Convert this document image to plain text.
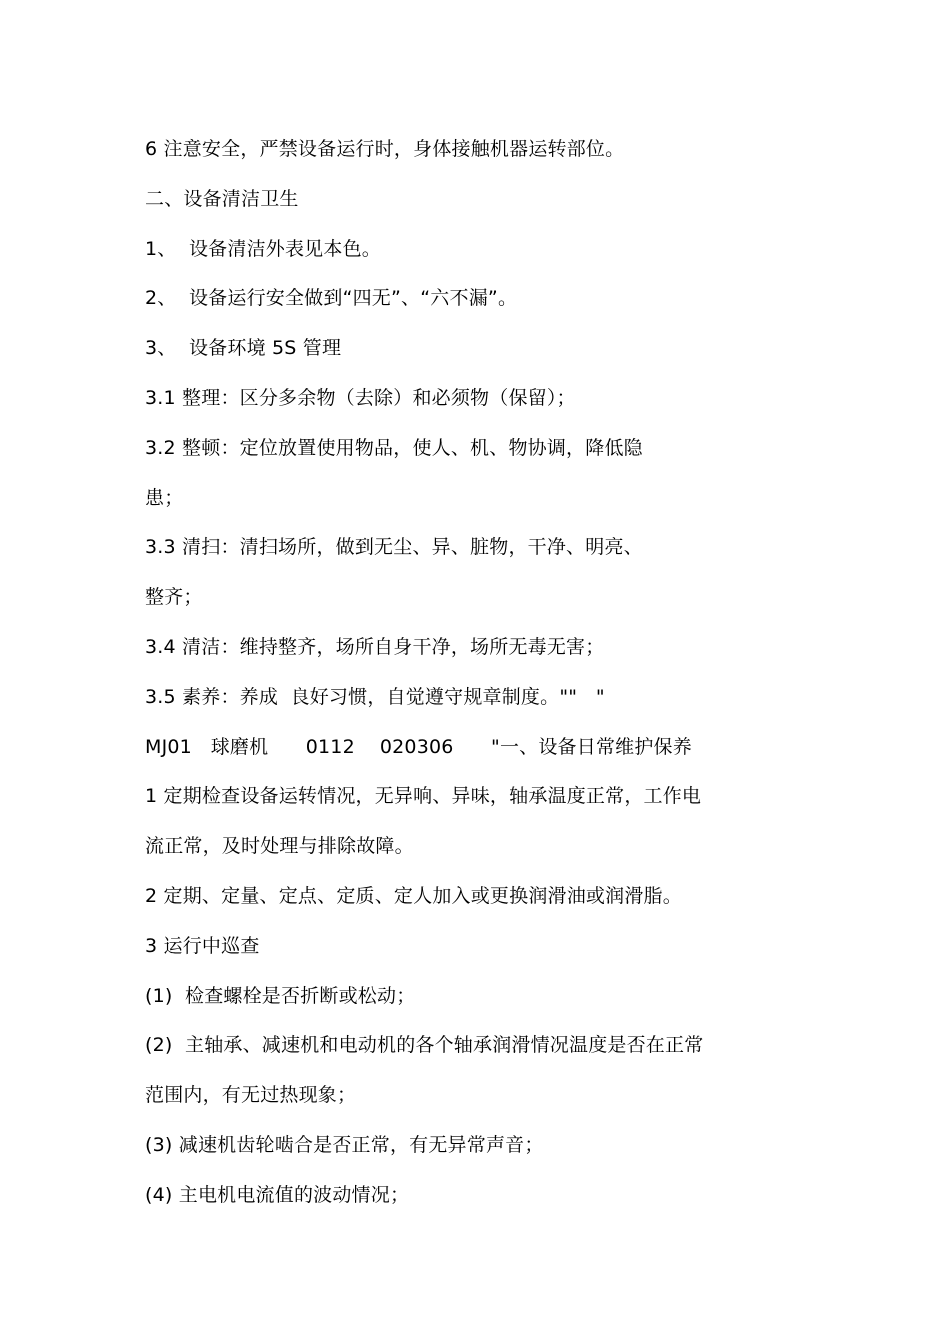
6 注意安全，严禁设备运行时，身体接触机器运转部位。
二、设备清洁卫生
1、  设备清洁外表见本色。
2、  设备运行安全做到“四无”、“六不漏”。
3、  设备环境 5S 管理
3.1 整理：区分多余物（去除）和必须物（保留）；
3.2 整顿：定位放置使用物品，使人、机、物协调，降低隐
患；
3.3 清扫：清扫场所，做到无尘、异、脏物，干净、明亮、
整齐；
3.4 清洁：维持整齐，场所自身干净，场所无毒无害；
3.5 素养：养成  良好习惯，自觉遵守规章制度。""   "
MJ01   球磨机      0112    020306      "一、设备日常维护保养
1 定期检查设备运转情况，无异响、异味，轴承温度正常，工作电
流正常，及时处理与排除故障。
2 定期、定量、定点、定质、定人加入或更换润滑油或润滑脂。
3 运行中巡查
(1)  检查螺栓是否折断或松动；
(2)  主轴承、减速机和电动机的各个轴承润滑情况温度是否在正常
范围内，有无过热现象；
(3) 减速机齿轮啮合是否正常，有无异常声音；
(4) 主电机电流值的波动情况；
